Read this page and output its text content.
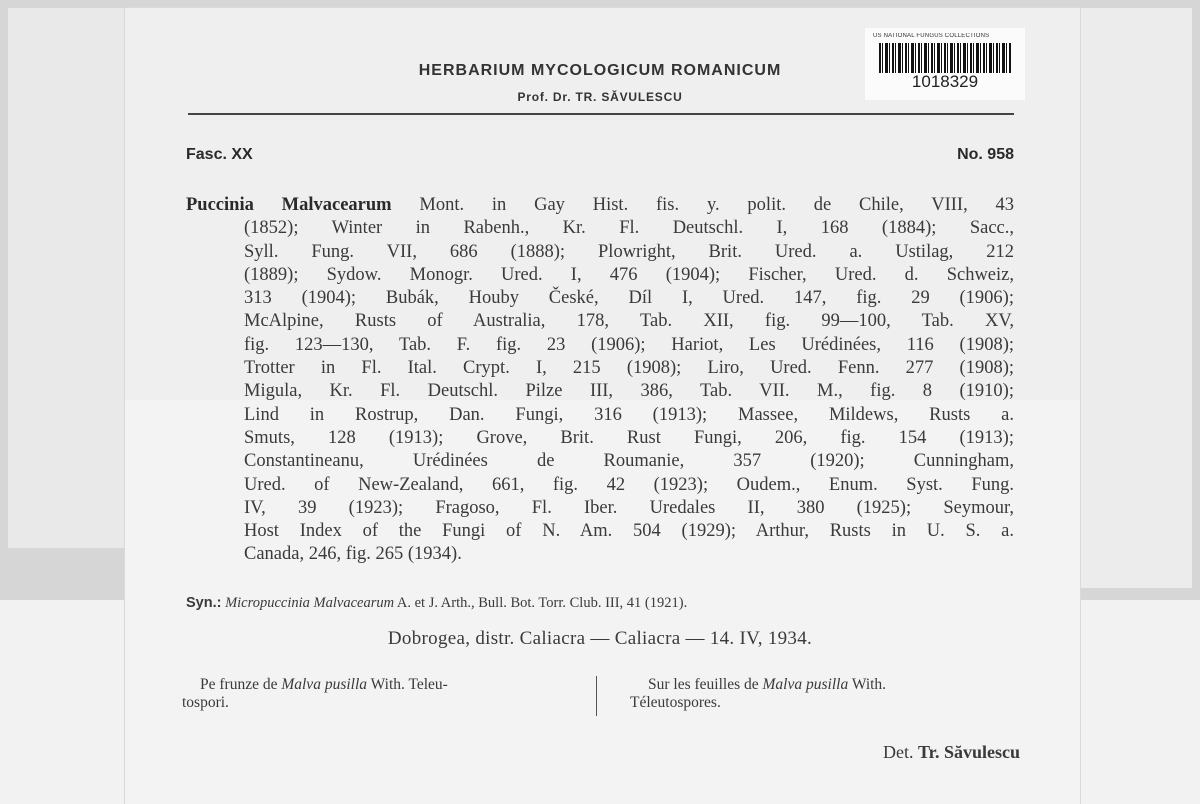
US NATIONAL FUNGUS COLLECTIONS
1018329
HERBARIUM MYCOLOGICUM ROMANICUM
Prof. Dr. TR. SĂVULESCU
Fasc. XX	No. 958
Puccinia Malvacearum Mont. in Gay Hist. fis. y. polit. de Chile, VIII, 43
(1852); Winter in Rabenh., Kr. Fl. Deutschl. I, 168 (1884); Sacc.,
Syll. Fung. VII, 686 (1888); Plowright, Brit. Ured. a. Ustilag, 212
(1889); Sydow. Monogr. Ured. I, 476 (1904); Fischer, Ured. d. Schweiz,
313 (1904); Bubák, Houby České, Díl I, Ured. 147, fig. 29 (1906);
McAlpine, Rusts of Australia, 178, Tab. XII, fig. 99—100, Tab. XV,
fig. 123—130, Tab. F. fig. 23 (1906); Hariot, Les Urédinées, 116 (1908);
Trotter in Fl. Ital. Crypt. I, 215 (1908); Liro, Ured. Fenn. 277 (1908);
Migula, Kr. Fl. Deutschl. Pilze III, 386, Tab. VII. M., fig. 8 (1910);
Lind in Rostrup, Dan. Fungi, 316 (1913); Massee, Mildews, Rusts a.
Smuts, 128 (1913); Grove, Brit. Rust Fungi, 206, fig. 154 (1913);
Constantineanu, Urédinées de Roumanie, 357 (1920); Cunningham,
Ured. of New-Zealand, 661, fig. 42 (1923); Oudem., Enum. Syst. Fung.
IV, 39 (1923); Fragoso, Fl. Iber. Uredales II, 380 (1925); Seymour,
Host Index of the Fungi of N. Am. 504 (1929); Arthur, Rusts in U. S. a.
Canada, 246, fig. 265 (1934).
Syn.: Micropuccinia Malvacearum A. et J. Arth., Bull. Bot. Torr. Club. III, 41 (1921).
Dobrogea, distr. Caliacra — Caliacra — 14. IV, 1934.
Pe frunze de Malva pusilla With. Teleu-
tospori.
Sur les feuilles de Malva pusilla With.
Téleutospores.
Det. Tr. Săvulescu
